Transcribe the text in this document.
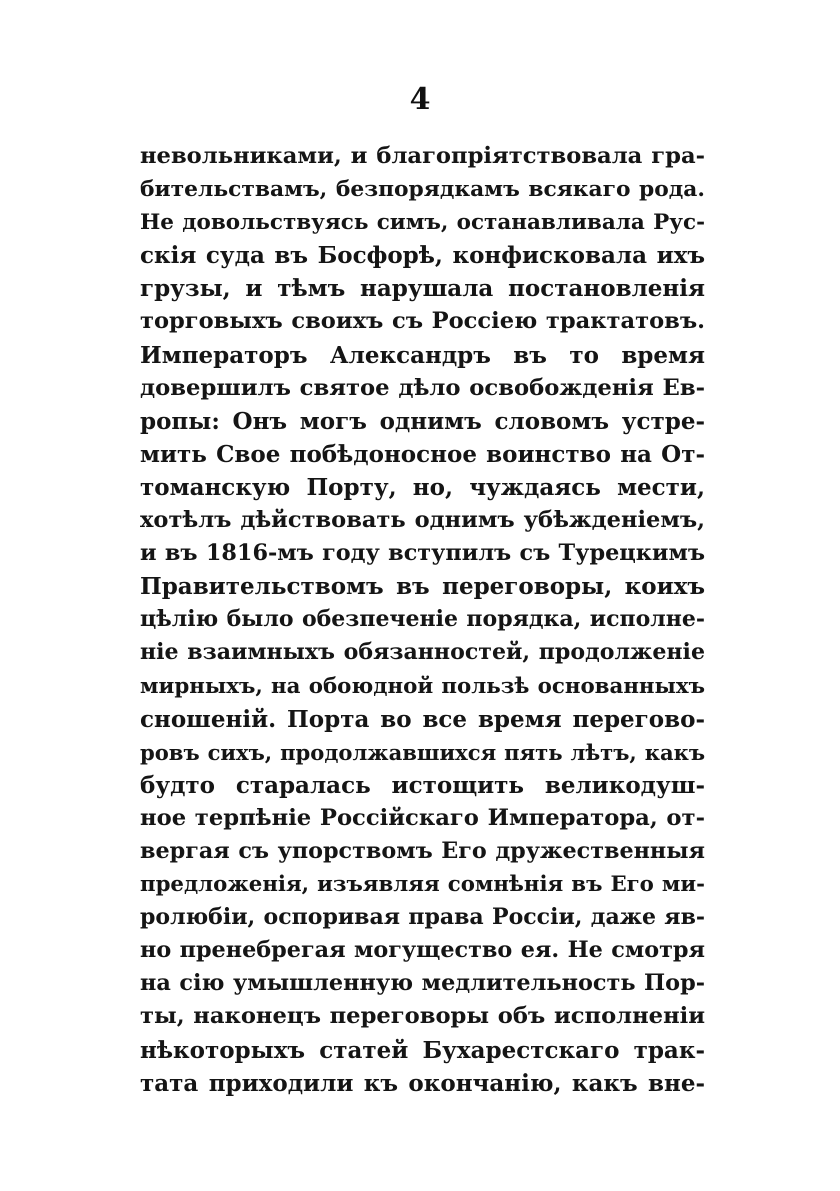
4
невольниками, и благопріятствовала гра-
бительствамъ, безпорядкамъ всякаго рода.
Не довольствуясь симъ, останавливала Рус-
скія суда въ Босфорѣ, конфисковала ихъ
грузы, и тѣмъ нарушала постановленія
торговыхъ своихъ съ Россіею трактатовъ.
Императоръ Александръ въ то время
довершилъ святое дѣло освобожденія Ев-
ропы: Онъ могъ однимъ словомъ устре-
мить Свое побѣдоносное воинство на От-
томанскую Порту, но, чуждаясь мести,
хотѣлъ дѣйствовать однимъ убѣжденіемъ,
и въ 1816-мъ году вступилъ съ Турецкимъ
Правительствомъ въ переговоры, коихъ
цѣлію было обезпеченіе порядка, исполне-
ніе взаимныхъ обязанностей, продолженіе
мирныхъ, на обоюдной пользѣ основанныхъ
сношеній. Порта во все время перегово-
ровъ сихъ, продолжавшихся пять лѣтъ, какъ
будто старалась истощить великодуш-
ное терпѣніе Россійскаго Императора, от-
вергая съ упорствомъ Его дружественныя
предложенія, изъявляя сомнѣнія въ Его ми-
ролюбіи, оспоривая права Россіи, даже яв-
но пренебрегая могущество ея. Не смотря
на сію умышленную медлительность Пор-
ты, наконецъ переговоры объ исполненіи
нѣкоторыхъ статей Бухарестскаго трак-
тата приходили къ окончанію, какъ вне-
